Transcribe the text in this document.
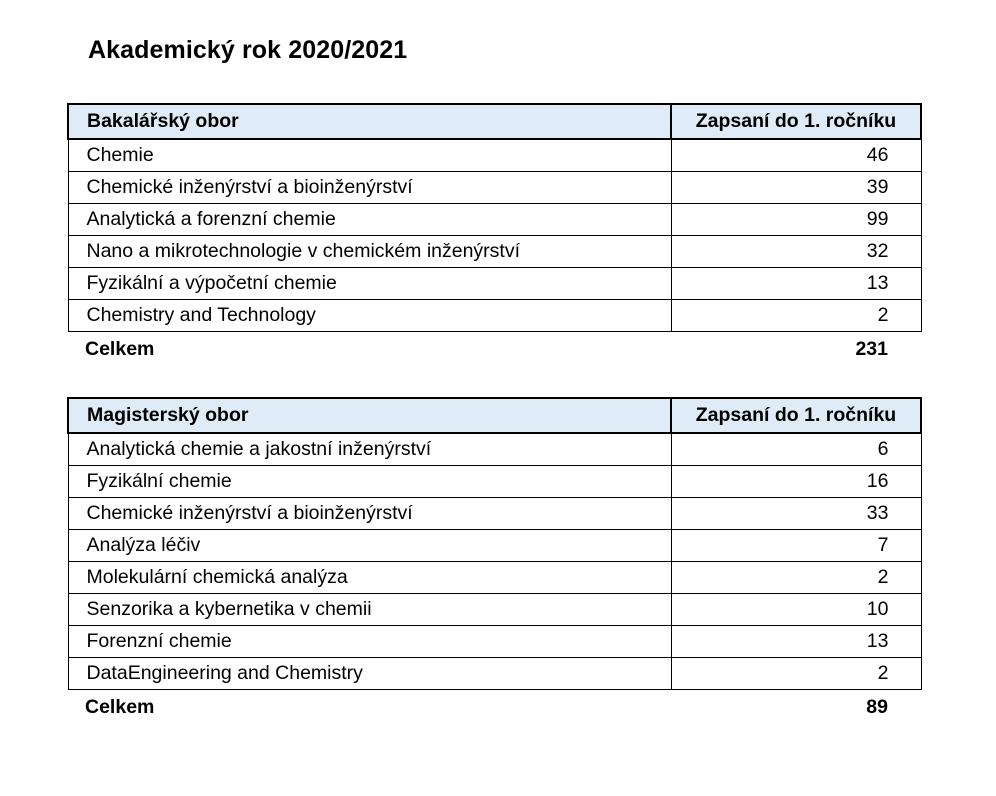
Akademický rok 2020/2021
Bakalářský obor	Zapsaní do 1. ročníku
Chemie	46
Chemické inženýrství a bioinženýrství	39
Analytická a forenzní chemie	99
Nano a mikrotechnologie v chemickém inženýrství	32
Fyzikální a výpočetní chemie	13
Chemistry and Technology	2
Celkem	231
Magisterský obor	Zapsaní do 1. ročníku
Analytická chemie a jakostní inženýrství	6
Fyzikální chemie	16
Chemické inženýrství a bioinženýrství	33
Analýza léčiv	7
Molekulární chemická analýza	2
Senzorika a kybernetika v chemii	10
Forenzní chemie	13
DataEngineering and Chemistry	2
Celkem	89
